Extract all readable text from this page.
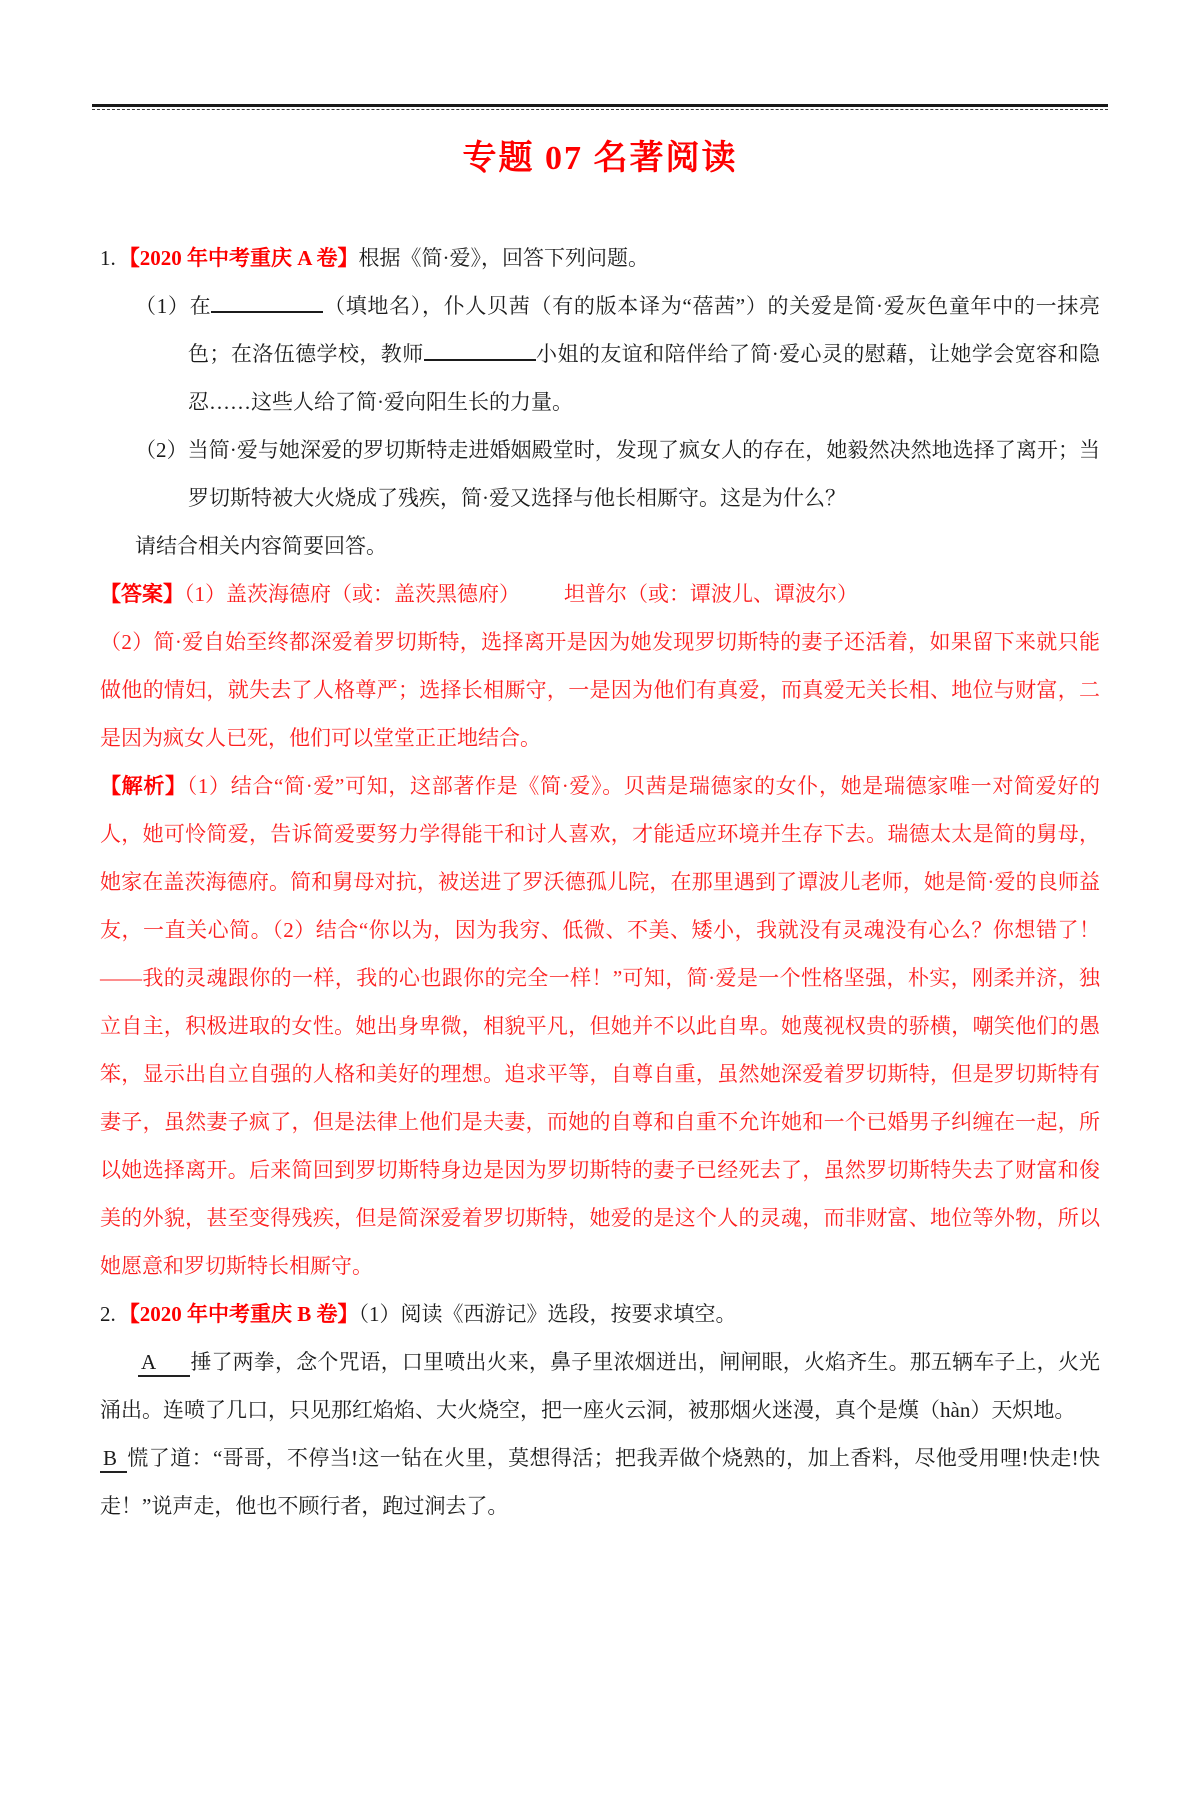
专题 07 名著阅读

1. 【2020 年中考重庆 A 卷】根据《简·爱》，回答下列问题。

（1）在	（填地名），仆人贝茜（有的版本译为“蓓茜”）的关爱是简·爱灰色童年中的一抹亮色；在洛伍德学校，教师	小姐的友谊和陪伴给了简·爱心灵的慰藉，让她学会宽容和隐忍……这些人给了简·爱向阳生长的力量。

（2）当简·爱与她深爱的罗切斯特走进婚姻殿堂时，发现了疯女人的存在，她毅然决然地选择了离开；当罗切斯特被大火烧成了残疾，简·爱又选择与他长相厮守。这是为什么？

请结合相关内容简要回答。

【答案】（1）盖茨海德府（或：盖茨黑德府） 坦普尔（或：谭波儿、谭波尔）

（2）简·爱自始至终都深爱着罗切斯特，选择离开是因为她发现罗切斯特的妻子还活着，如果留下来就只能做他的情妇，就失去了人格尊严；选择长相厮守，一是因为他们有真爱，而真爱无关长相、地位与财富，二是因为疯女人已死，他们可以堂堂正正地结合。

【解析】（1）结合“简·爱”可知，这部著作是《简·爱》。贝茜是瑞德家的女仆，她是瑞德家唯一对简爱好的人，她可怜简爱，告诉简爱要努力学得能干和讨人喜欢，才能适应环境并生存下去。瑞德太太是简的舅母，她家在盖茨海德府。简和舅母对抗，被送进了罗沃德孤儿院，在那里遇到了谭波儿老师，她是简·爱的良师益友，一直关心简。（2）结合“你以为，因为我穷、低微、不美、矮小，我就没有灵魂没有心么？你想错了！——我的灵魂跟你的一样，我的心也跟你的完全一样！”可知，简·爱是一个性格坚强，朴实，刚柔并济，独立自主，积极进取的女性。她出身卑微，相貌平凡，但她并不以此自卑。她蔑视权贵的骄横，嘲笑他们的愚笨，显示出自立自强的人格和美好的理想。追求平等，自尊自重，虽然她深爱着罗切斯特，但是罗切斯特有妻子，虽然妻子疯了，但是法律上他们是夫妻，而她的自尊和自重不允许她和一个已婚男子纠缠在一起，所以她选择离开。后来简回到罗切斯特身边是因为罗切斯特的妻子已经死去了，虽然罗切斯特失去了财富和俊美的外貌，甚至变得残疾，但是简深爱着罗切斯特，她爱的是这个人的灵魂，而非财富、地位等外物，所以她愿意和罗切斯特长相厮守。

2. 【2020 年中考重庆 B 卷】（1）阅读《西游记》选段，按要求填空。

A 捶了两拳，念个咒语，口里喷出火来，鼻子里浓烟迸出，闸闸眼，火焰齐生。那五辆车子上，火光涌出。连喷了几口，只见那红焰焰、大火烧空，把一座火云洞，被那烟火迷漫，真个是熯（hàn）天炽地。

B 慌了道：“哥哥，不停当!这一钻在火里，莫想得活；把我弄做个烧熟的，加上香料，尽他受用哩!快走!快走！”说声走，他也不顾行者，跑过涧去了。
